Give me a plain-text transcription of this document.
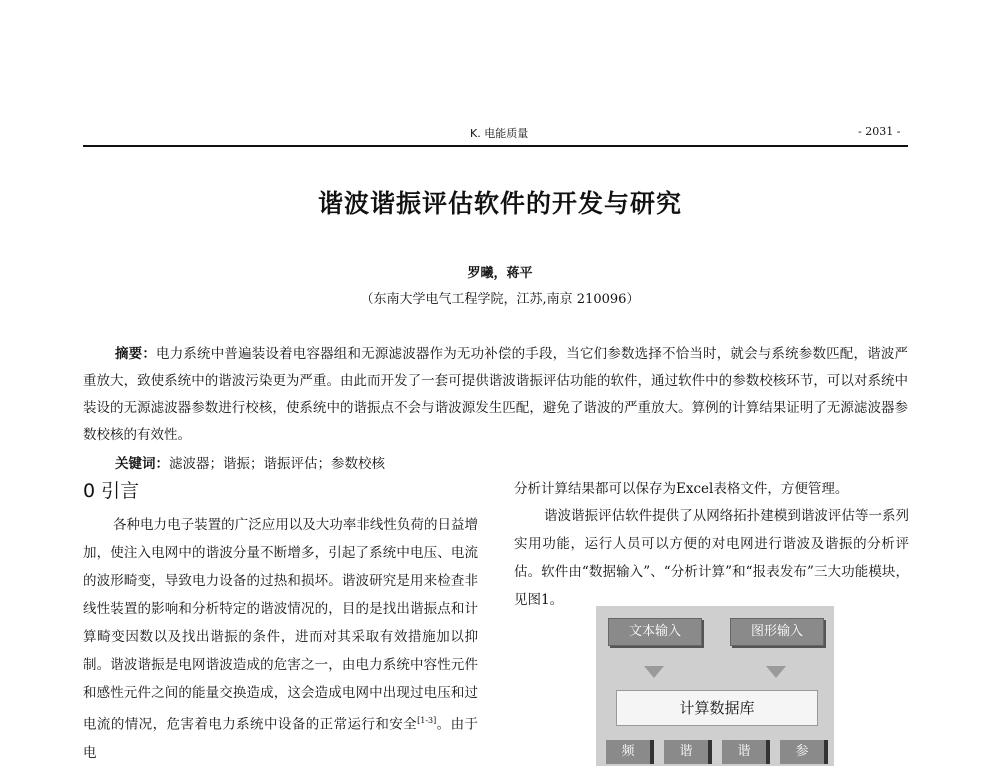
K. 电能质量	- 2031 -
谐波谐振评估软件的开发与研究
罗曦，蒋平
（东南大学电气工程学院，江苏,南京 210096）
摘要：电力系统中普遍装设着电容器组和无源滤波器作为无功补偿的手段，当它们参数选择不恰当时，就会与系统参数匹配，谐波严重放大，致使系统中的谐波污染更为严重。由此而开发了一套可提供谐波谐振评估功能的软件，通过软件中的参数校核环节，可以对系统中装设的无源滤波器参数进行校核，使系统中的谐振点不会与谐波源发生匹配，避免了谐波的严重放大。算例的计算结果证明了无源滤波器参数校核的有效性。
关键词：滤波器；谐振；谐振评估；参数校核
0 引言
各种电力电子装置的广泛应用以及大功率非线性负荷的日益增加，使注入电网中的谐波分量不断增多，引起了系统中电压、电流的波形畸变，导致电力设备的过热和损坏。谐波研究是用来检查非线性装置的影响和分析特定的谐波情况的，目的是找出谐振点和计算畸变因数以及找出谐振的条件，进而对其采取有效措施加以抑制。谐波谐振是电网谐波造成的危害之一，由电力系统中容性元件和感性元件之间的能量交换造成，这会造成电网中出现过电压和过电流的情况，危害着电力系统中设备的正常运行和安全[1-3]。由于电
分析计算结果都可以保存为Excel表格文件，方便管理。
谐波谐振评估软件提供了从网络拓扑建模到谐波评估等一系列实用功能，运行人员可以方便的对电网进行谐波及谐振的分析评估。软件由“数据输入”、“分析计算”和“报表发布”三大功能模块，见图1。
文本输入	图形输入
计算数据库
频	谐	谐	参
